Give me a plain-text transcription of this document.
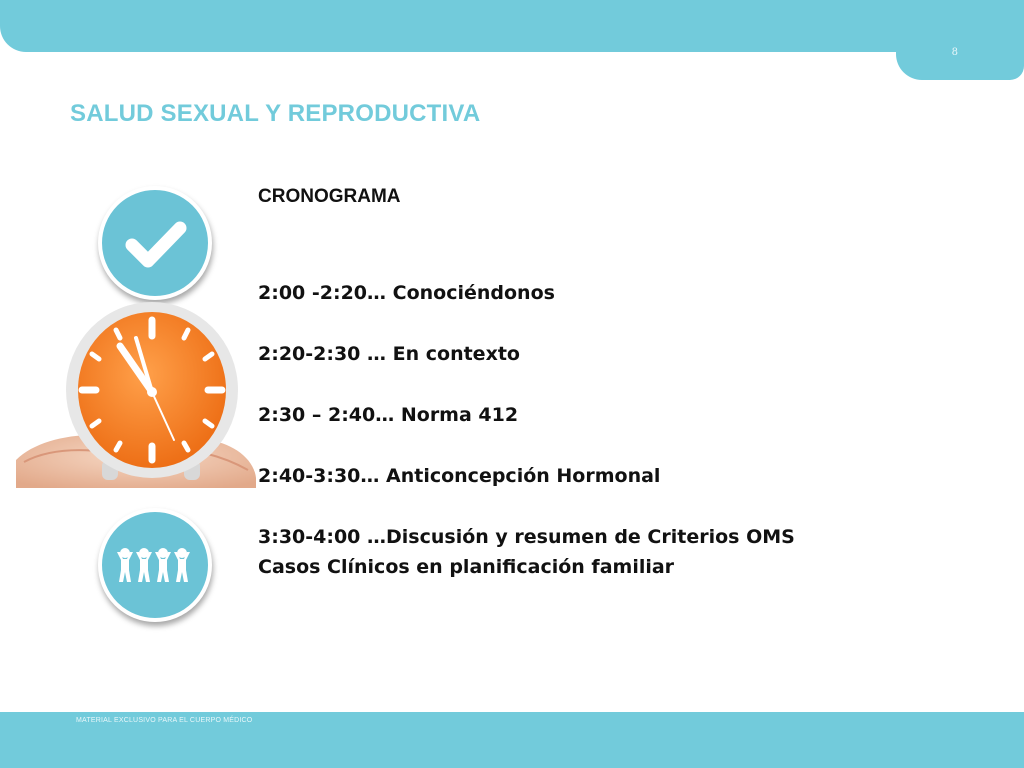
8
SALUD SEXUAL Y REPRODUCTIVA

CRONOGRAMA

2:00 -2:20… Conociéndonos

2:20-2:30 … En contexto

2:30 – 2:40… Norma 412

2:40-3:30… Anticoncepción Hormonal

3:30-4:00 …Discusión y resumen de Criterios OMS

Casos Clínicos en planificación familiar

MATERIAL EXCLUSIVO PARA EL CUERPO MÉDICO
